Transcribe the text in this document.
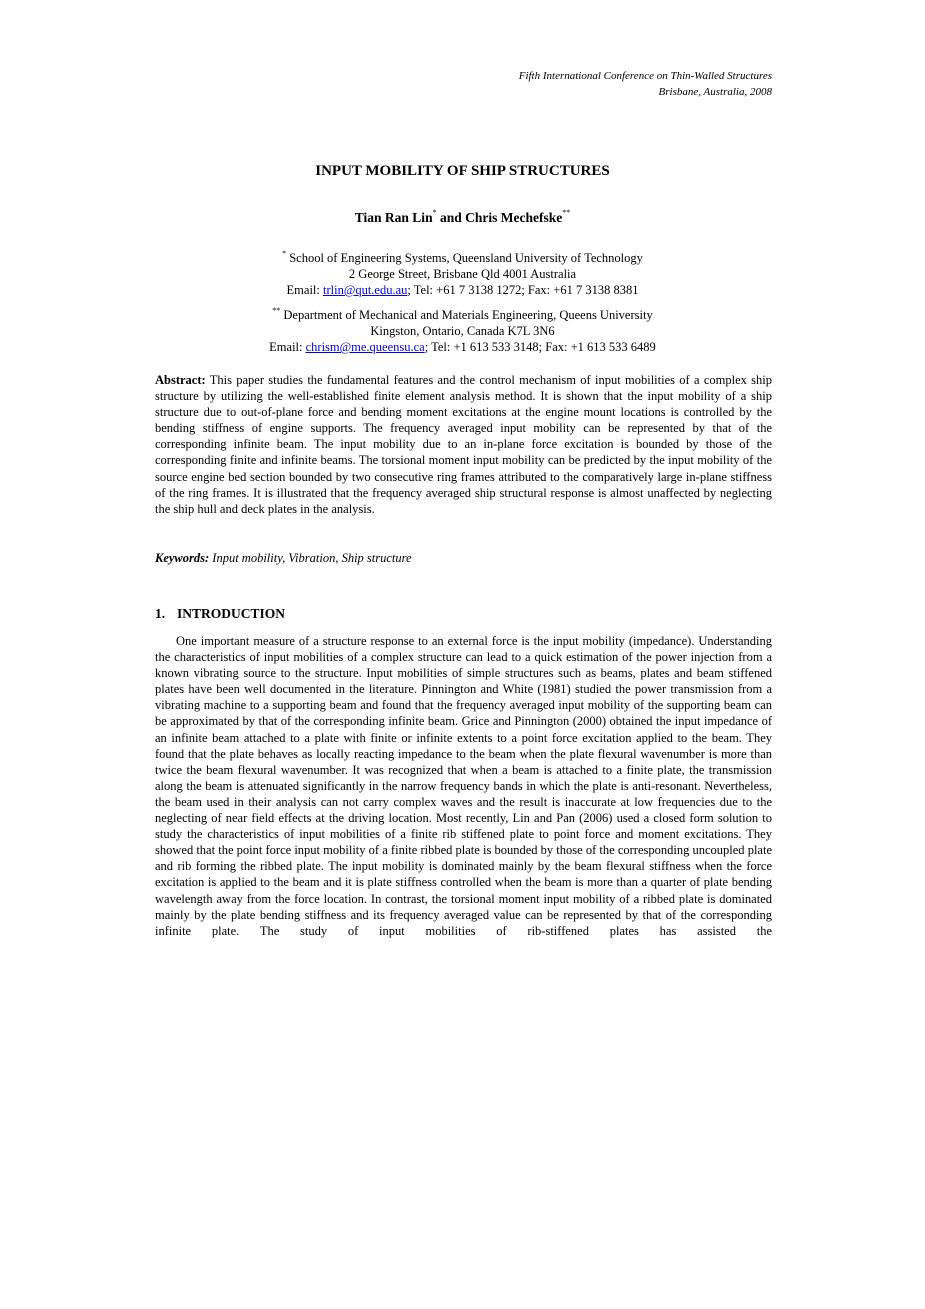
Fifth International Conference on Thin-Walled Structures
Brisbane, Australia, 2008
INPUT MOBILITY OF SHIP STRUCTURES
Tian Ran Lin* and Chris Mechefske**
* School of Engineering Systems, Queensland University of Technology
2 George Street, Brisbane Qld 4001 Australia
Email: trlin@qut.edu.au; Tel: +61 7 3138 1272; Fax: +61 7 3138 8381
** Department of Mechanical and Materials Engineering, Queens University
Kingston, Ontario, Canada K7L 3N6
Email: chrism@me.queensu.ca; Tel: +1 613 533 3148; Fax: +1 613 533 6489
Abstract: This paper studies the fundamental features and the control mechanism of input mobilities of a complex ship structure by utilizing the well-established finite element analysis method. It is shown that the input mobility of a ship structure due to out-of-plane force and bending moment excitations at the engine mount locations is controlled by the bending stiffness of engine supports. The frequency averaged input mobility can be represented by that of the corresponding infinite beam. The input mobility due to an in-plane force excitation is bounded by those of the corresponding finite and infinite beams. The torsional moment input mobility can be predicted by the input mobility of the source engine bed section bounded by two consecutive ring frames attributed to the comparatively large in-plane stiffness of the ring frames. It is illustrated that the frequency averaged ship structural response is almost unaffected by neglecting the ship hull and deck plates in the analysis.
Keywords: Input mobility, Vibration, Ship structure
1. INTRODUCTION
One important measure of a structure response to an external force is the input mobility (impedance). Understanding the characteristics of input mobilities of a complex structure can lead to a quick estimation of the power injection from a known vibrating source to the structure. Input mobilities of simple structures such as beams, plates and beam stiffened plates have been well documented in the literature. Pinnington and White (1981) studied the power transmission from a vibrating machine to a supporting beam and found that the frequency averaged input mobility of the supporting beam can be approximated by that of the corresponding infinite beam. Grice and Pinnington (2000) obtained the input impedance of an infinite beam attached to a plate with finite or infinite extents to a point force excitation applied to the beam. They found that the plate behaves as locally reacting impedance to the beam when the plate flexural wavenumber is more than twice the beam flexural wavenumber. It was recognized that when a beam is attached to a finite plate, the transmission along the beam is attenuated significantly in the narrow frequency bands in which the plate is anti-resonant. Nevertheless, the beam used in their analysis can not carry complex waves and the result is inaccurate at low frequencies due to the neglecting of near field effects at the driving location. Most recently, Lin and Pan (2006) used a closed form solution to study the characteristics of input mobilities of a finite rib stiffened plate to point force and moment excitations. They showed that the point force input mobility of a finite ribbed plate is bounded by those of the corresponding uncoupled plate and rib forming the ribbed plate. The input mobility is dominated mainly by the beam flexural stiffness when the force excitation is applied to the beam and it is plate stiffness controlled when the beam is more than a quarter of plate bending wavelength away from the force location. In contrast, the torsional moment input mobility of a ribbed plate is dominated mainly by the plate bending stiffness and its frequency averaged value can be represented by that of the corresponding infinite plate. The study of input mobilities of rib-stiffened plates has assisted the
